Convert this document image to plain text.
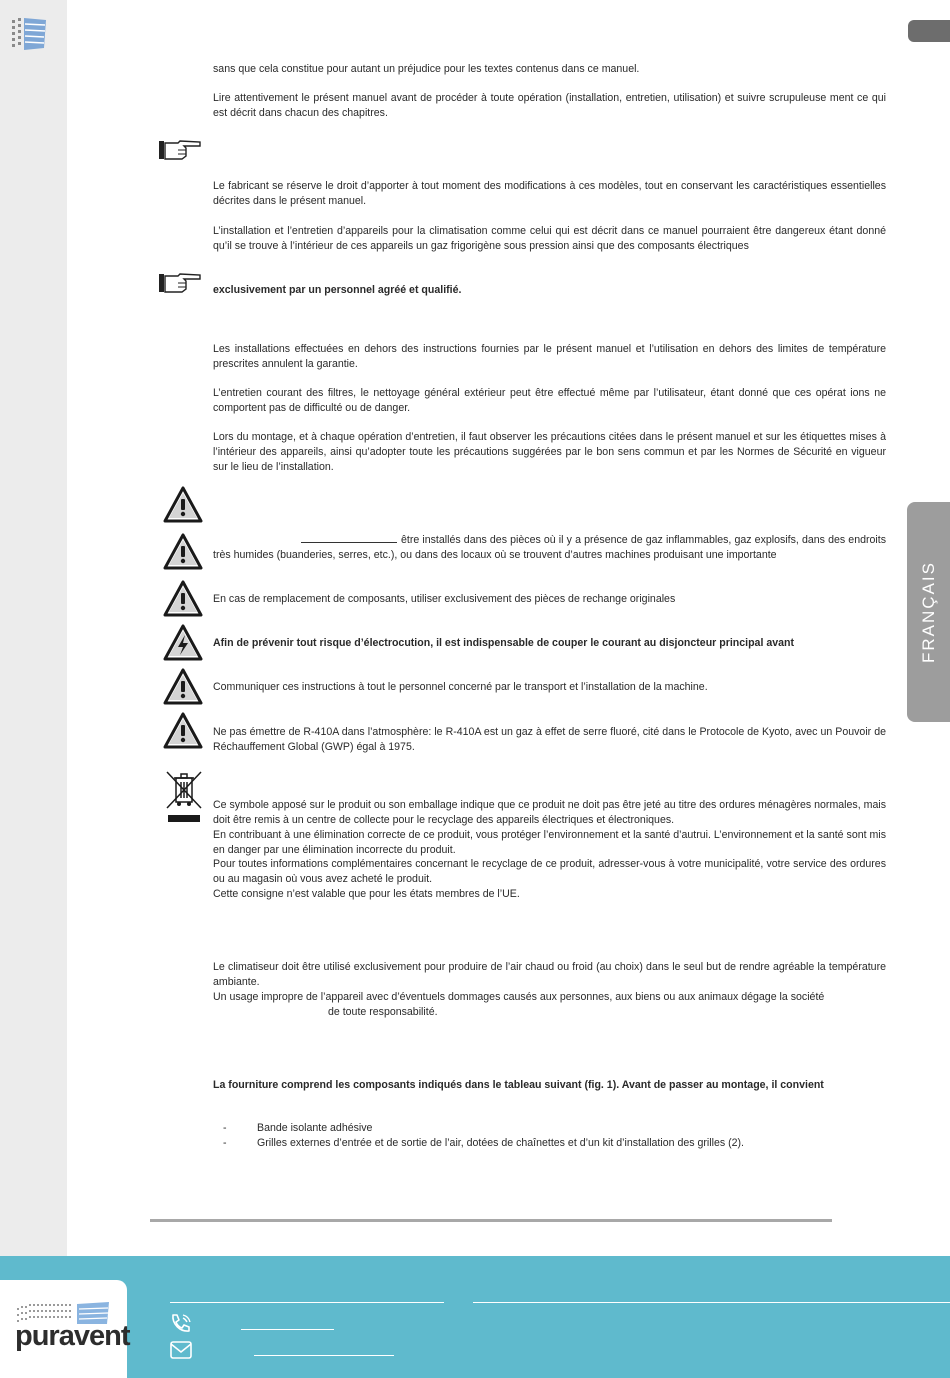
FRANÇAIS

sans que cela constitue pour autant un préjudice pour les textes contenus dans ce manuel.

Lire attentivement le présent manuel avant de procéder à toute opération (installation, entretien, utilisation) et suivre scrupuleuse ment ce qui est décrit dans chacun des chapitres.

Le fabricant se réserve le droit d’apporter à tout moment des modifications à ces modèles, tout en conservant les caractéristiques essentielles décrites dans le présent manuel.

L’installation et l’entretien d’appareils pour la climatisation comme celui qui est décrit dans ce manuel pourraient être dangereux étant donné qu’il se trouve à l’intérieur de ces appareils un gaz frigorigène sous pression ainsi que des composants électriques

exclusivement par un personnel agréé et qualifié.

Les installations effectuées en dehors des instructions fournies par le présent manuel et l’utilisation en dehors des limites de température prescrites annulent la garantie.

L’entretien courant des filtres, le nettoyage général extérieur peut être effectué même par l’utilisateur, étant donné que ces opérat ions ne comportent pas de difficulté ou de danger.

Lors du montage, et à chaque opération d’entretien, il faut observer les précautions citées dans le présent manuel et sur les étiquettes mises à l’intérieur des appareils, ainsi qu’adopter toute les précautions suggérées par le bon sens commun et par les Normes de Sécurité en vigueur sur le lieu de l’installation.

être installés dans des pièces où il y a présence de gaz inflammables, gaz explosifs, dans des endroits très humides (buanderies, serres, etc.), ou dans des locaux où se trouvent d’autres machines produisant une importante

En cas de remplacement de composants, utiliser exclusivement des pièces de rechange originales

Afin de prévenir tout risque d’électrocution, il est indispensable de couper le courant au disjoncteur principal avant

Communiquer ces instructions à tout le personnel concerné par le transport et l’installation de la machine.

Ne pas émettre de R-410A dans l’atmosphère: le R-410A est un gaz à effet de serre fluoré, cité dans le Protocole de Kyoto, avec un Pouvoir de Réchauffement Global (GWP) égal à 1975.

Ce symbole apposé sur le produit ou son emballage indique que ce produit ne doit pas être jeté au titre des ordures ménagères normales, mais doit être remis à un centre de collecte pour le recyclage des appareils électriques et électroniques.

En contribuant à une élimination correcte de ce produit, vous protéger l’environnement et la santé d’autrui. L’environnement et la santé sont mis en danger par une élimination incorrecte du produit.

Pour toutes informations complémentaires concernant le recyclage de ce produit, adresser-vous à votre municipalité, votre service des ordures ou au magasin où vous avez acheté le produit.

Cette consigne n’est valable que pour les états membres de l’UE.

Le climatiseur doit être utilisé exclusivement pour produire de l’air chaud ou froid (au choix) dans le seul but de rendre agréable la température ambiante.

Un usage impropre de l’appareil avec d’éventuels dommages causés aux personnes, aux biens ou aux animaux dégage la société

de toute responsabilité.

La fourniture comprend les composants indiqués dans le tableau suivant (fig. 1). Avant de passer au montage, il convient

-	Bande isolante adhésive
-	Grilles externes d’entrée et de sortie de l’air, dotées de chaînettes et d’un kit d’installation des grilles (2).
puravent
